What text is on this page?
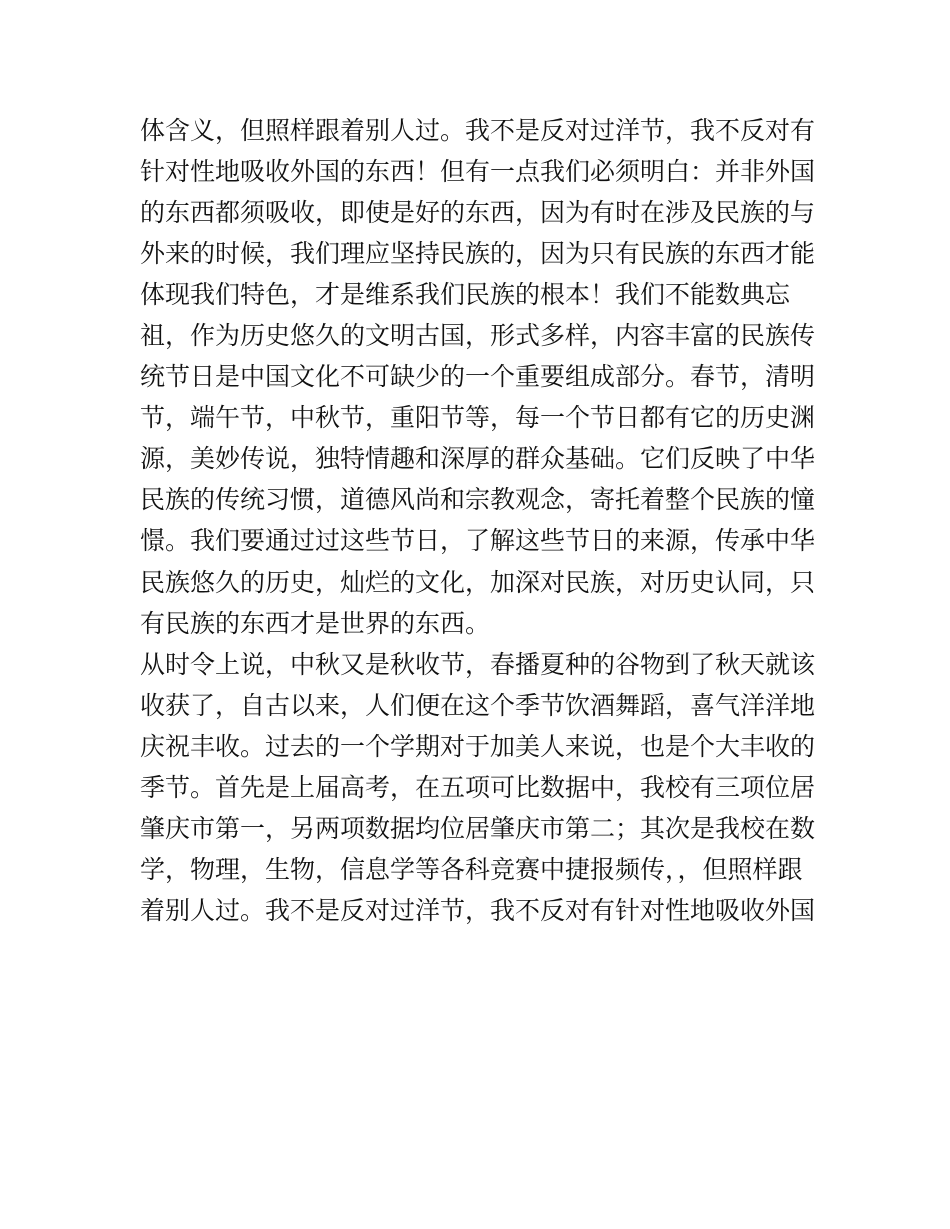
体含义，但照样跟着别人过。我不是反对过洋节，我不反对有
针对性地吸收外国的东西！但有一点我们必须明白：并非外国
的东西都须吸收，即使是好的东西，因为有时在涉及民族的与
外来的时候，我们理应坚持民族的，因为只有民族的东西才能
体现我们特色，才是维系我们民族的根本！我们不能数典忘
祖，作为历史悠久的文明古国，形式多样，内容丰富的民族传
统节日是中国文化不可缺少的一个重要组成部分。春节，清明
节，端午节，中秋节，重阳节等，每一个节日都有它的历史渊
源，美妙传说，独特情趣和深厚的群众基础。它们反映了中华
民族的传统习惯，道德风尚和宗教观念，寄托着整个民族的憧
憬。我们要通过过这些节日，了解这些节日的来源，传承中华
民族悠久的历史，灿烂的文化，加深对民族，对历史认同，只
有民族的东西才是世界的东西。
从时令上说，中秋又是秋收节，春播夏种的谷物到了秋天就该
收获了，自古以来，人们便在这个季节饮酒舞蹈，喜气洋洋地
庆祝丰收。过去的一个学期对于加美人来说，也是个大丰收的
季节。首先是上届高考，在五项可比数据中，我校有三项位居
肇庆市第一，另两项数据均位居肇庆市第二；其次是我校在数
学，物理，生物，信息学等各科竞赛中捷报频传，，但照样跟
着别人过。我不是反对过洋节，我不反对有针对性地吸收外国
